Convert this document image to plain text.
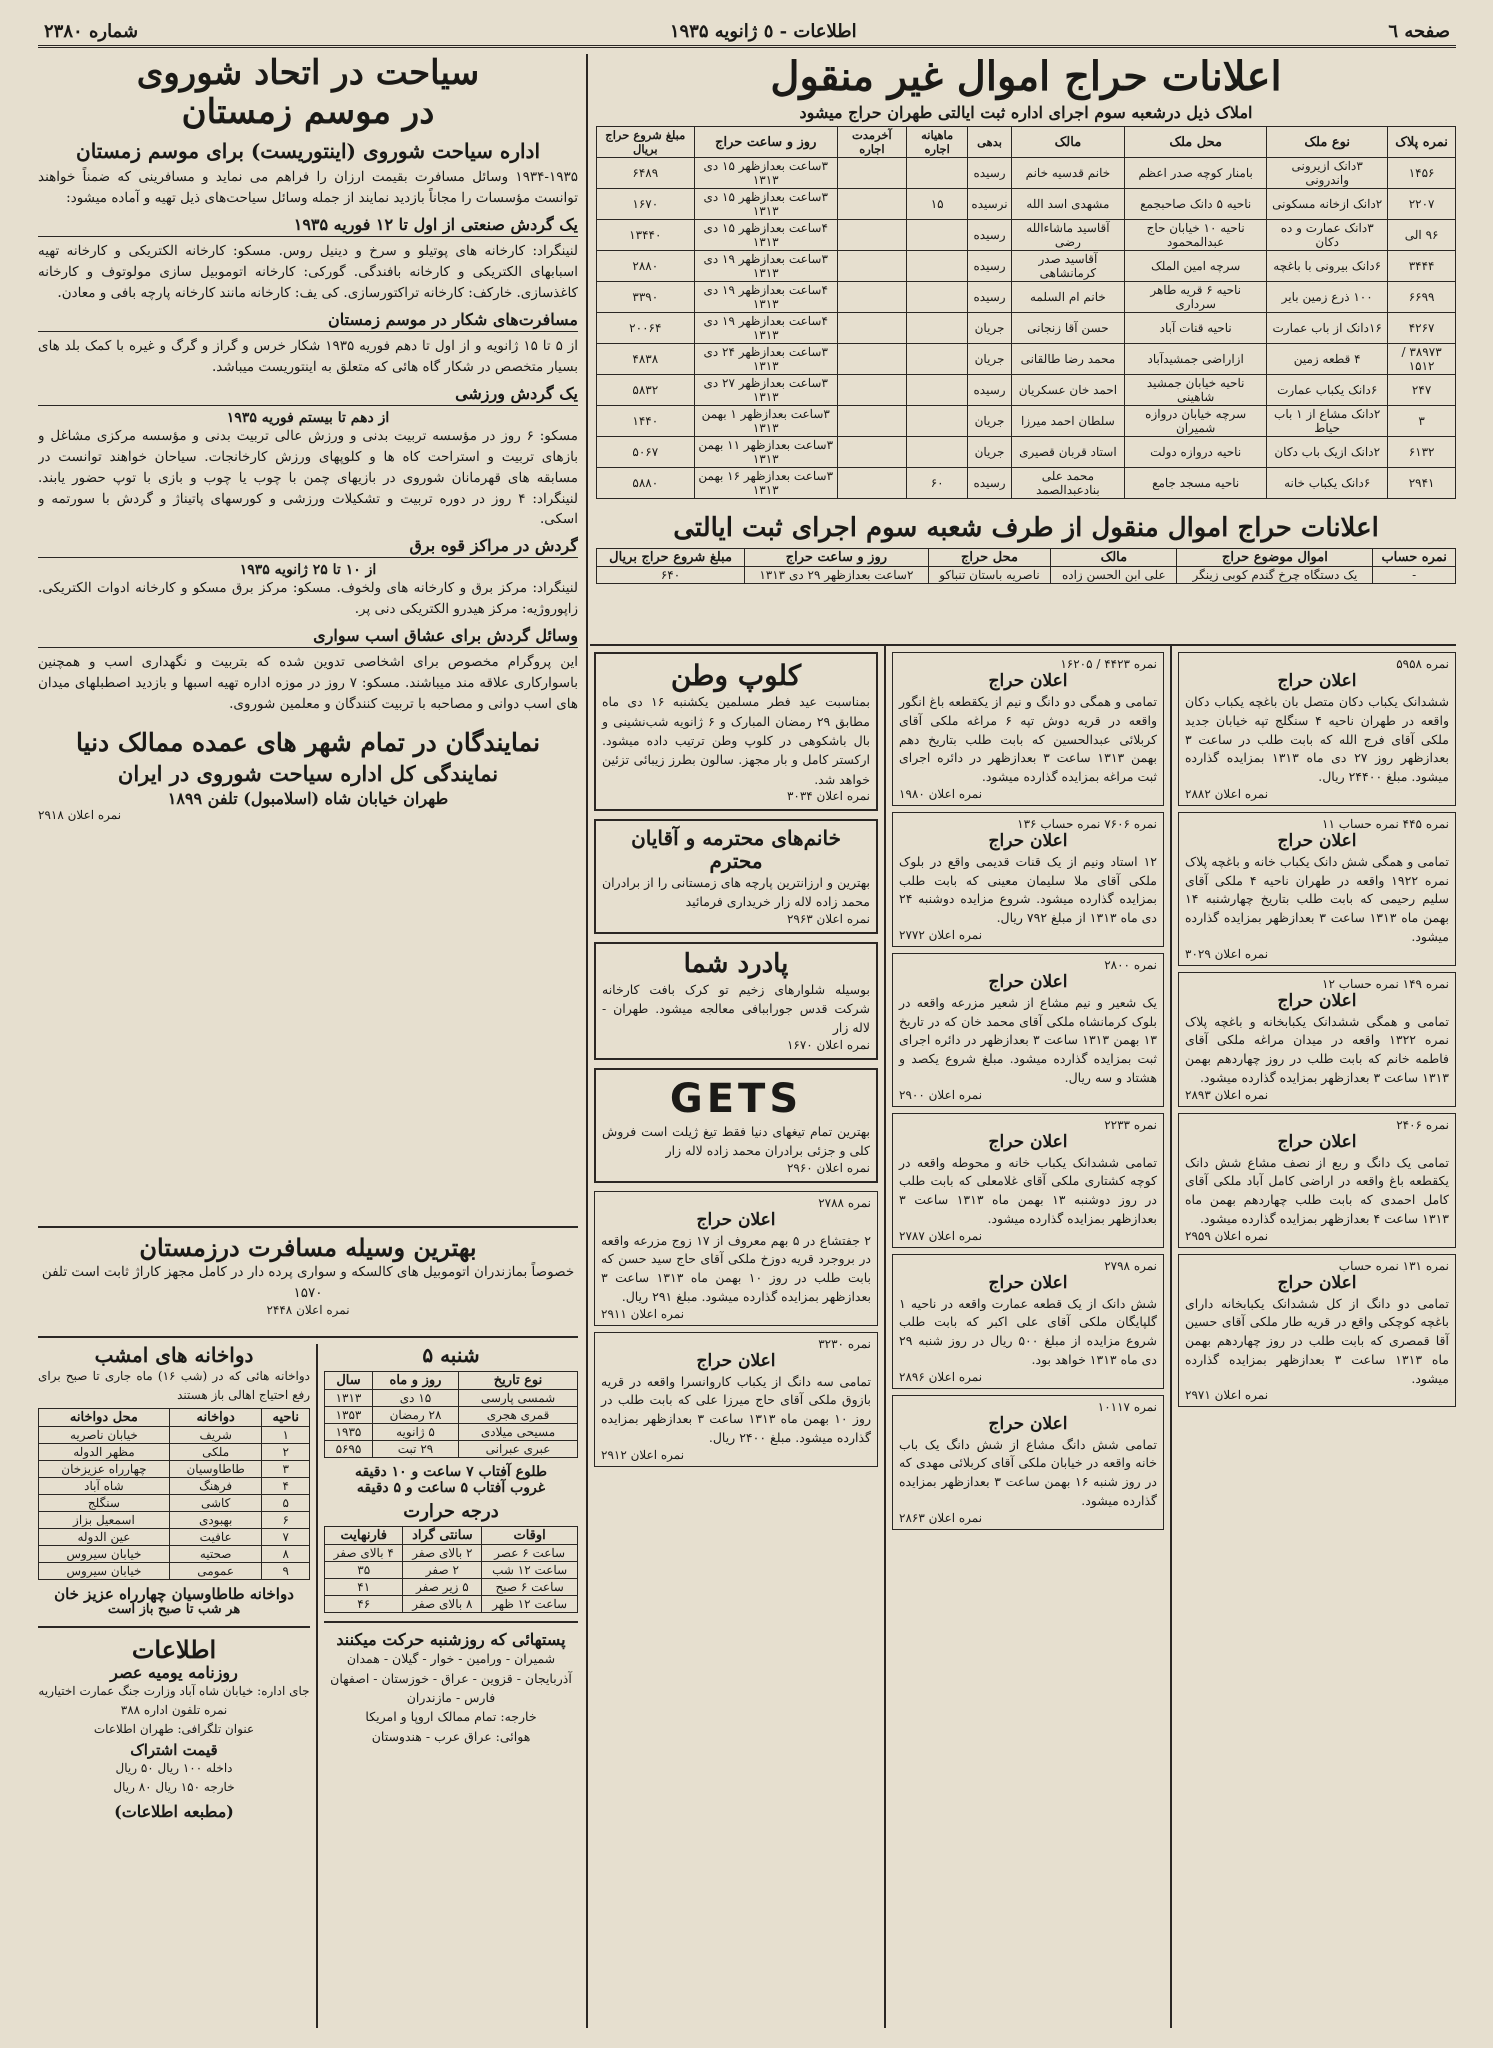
صفحه ٦
اطلاعات - ٥ ژانویه ۱۹۳۵
شماره ۲۳۸۰
اعلانات حراج اموال غیر منقول
املاک ذیل درشعبه سوم اجرای اداره ثبت ایالتی طهران حراج میشود
نمره پلاک	نوع ملک	محل ملک	مالک	بدهی	ماهیانه اجاره	آخرمدت اجاره	روز و ساعت حراج	مبلغ شروع حراج بریال
۱۴۵۶	۳دانک ازیرونی واندرونی	بامنار کوچه صدر اعظم	خانم قدسیه خانم	رسیده			۳ساعت بعدازظهر ۱۵ دی ۱۳۱۳	۶۴۸۹
۲۲۰۷	۲دانک ازخانه مسکونی	ناحیه ۵ دانک صاحبجمع	مشهدی اسد الله	نرسیده	۱۵		۳ساعت بعدازظهر ۱۵ دی ۱۳۱۳	۱۶۷۰
۹۶ الی	۳دانک عمارت و ده دکان	ناحیه ۱۰ خیابان حاج عبدالمحمود	آقاسید ماشاءالله رضی	رسیده			۴ساعت بعدازظهر ۱۵ دی ۱۳۱۳	۱۳۴۴۰
۳۴۴۴	۶دانک بیرونی با باغچه	سرچه امین الملک	آقاسید صدر کرمانشاهی	رسیده			۳ساعت بعدازظهر ۱۹ دی ۱۳۱۳	۲۸۸۰
۶۶۹۹	۱۰۰ ذرع زمین بایر	ناحیه ۶ قریه طاهر سرداری	خانم ام السلمه	رسیده			۴ساعت بعدازظهر ۱۹ دی ۱۳۱۳	۳۳۹۰
۴۲۶۷	۱۶دانک از باب عمارت	ناحیه قنات آباد	حسن آقا زنجانی	جریان			۴ساعت بعدازظهر ۱۹ دی ۱۳۱۳	۲۰۰۶۴
۳۸۹۷۳ / ۱۵۱۲	۴ قطعه زمین	ازاراضی جمشیدآباد	محمد رضا طالقانی	جریان			۳ساعت بعدازظهر ۲۴ دی ۱۳۱۳	۴۸۳۸
۲۴۷	۶دانک یکباب عمارت	ناحیه خیابان جمشید شاهینی	احمد خان عسکریان	رسیده			۳ساعت بعدازظهر ۲۷ دی ۱۳۱۳	۵۸۳۲
۳	۲دانک مشاع از ۱ باب حیاط	سرچه خیابان دروازه شمیران	سلطان احمد میرزا	جریان			۳ساعت بعدازظهر ۱ بهمن ۱۳۱۳	۱۴۴۰
۶۱۳۲	۲دانک ازیک باب دکان	ناحیه دروازه دولت	استاد قربان قصیری	جریان			۳ساعت بعدازظهر ۱۱ بهمن ۱۳۱۳	۵۰۶۷
۲۹۴۱	۶دانک یکباب خانه	ناحیه مسجد جامع	محمد علی بنادعبدالصمد	رسیده	۶۰		۳ساعت بعدازظهر ۱۶ بهمن ۱۳۱۳	۵۸۸۰
اعلانات حراج اموال منقول از طرف شعبه سوم اجرای ثبت ایالتی
نمره حساب	اموال موضوع حراج	مالک	محل حراج	روز و ساعت حراج	مبلغ شروع حراج بریال
-	یک دستگاه چرخ گندم کوبی زینگر	علی ابن الحسن زاده	ناصریه باستان تنباکو	۲ساعت بعدازظهر ۲۹ دی ۱۳۱۳	۶۴۰
سیاحت در اتحاد شوروی
در موسم زمستان
اداره سیاحت شوروی (اینتوریست) برای موسم زمستان

۱۹۳۴-۱۹۳۵ وسائل مسافرت بقیمت ارزان را فراهم می نماید و مسافرینی که ضمناً خواهند توانست مؤسسات را مجاناً بازدید نمایند از جمله وسائل سیاحت‌های ذیل تهیه و آماده میشود:

یک گردش صنعتی از اول تا ۱۲ فوریه ۱۹۳۵

لنینگراد: کارخانه های پوتیلو و سرخ و دینیل روس. مسکو: کارخانه الکتریکی و کارخانه تهیه اسبابهای الکتریکی و کارخانه بافندگی. گورکی: کارخانه اتوموبیل سازی مولوتوف و کارخانه کاغذسازی. خارکف: کارخانه تراکتورسازی. کی یف: کارخانه مانند کارخانه پارچه بافی و معادن.

مسافرت‌های شکار در موسم زمستان

از ۵ تا ۱۵ ژانویه و از اول تا دهم فوریه ۱۹۳۵ شکار خرس و گراز و گرگ و غیره با کمک بلد های بسیار متخصص در شکار گاه هائی که متعلق به اینتوریست میباشد.

یک گردش ورزشی
از دهم تا بیستم فوریه ۱۹۳۵

مسکو: ۶ روز در مؤسسه تربیت بدنی و ورزش عالی تربیت بدنی و مؤسسه مرکزی مشاغل و بازهای تربیت و استراحت کاه ها و کلوپهای ورزش کارخانجات. سیاحان خواهند توانست در مسابقه های قهرمانان شوروی در بازیهای چمن با چوب یا چوب و بازی با توپ حضور یابند. لنینگراد: ۴ روز در دوره تربیت و تشکیلات ورزشی و کورسهای پاتیناژ و گردش با سورتمه و اسکی.

گردش در مراکز قوه برق
از ۱۰ تا ۲۵ ژانویه ۱۹۳۵

لنینگراد: مرکز برق و کارخانه های ولخوف. مسکو: مرکز برق مسکو و کارخانه ادوات الکتریکی. زاپوروژیه: مرکز هیدرو الکتریکی دنی پر.

وسائل گردش برای عشاق اسب سواری

این پروگرام مخصوص برای اشخاصی تدوین شده که بتربیت و نگهداری اسب و همچنین باسوارکاری علاقه مند میباشند. مسکو: ۷ روز در موزه اداره تهیه اسبها و بازدید اصطبلهای میدان های اسب دوانی و مصاحبه با تربیت کنندگان و معلمین شوروی.

نمایندگان در تمام شهر های عمده ممالک دنیا
نمایندگی کل اداره سیاحت شوروی در ایران
طهران خیابان شاه (اسلامبول) تلفن ۱۸۹۹
نمره اعلان ۲۹۱۸
بهترین وسیله مسافرت درزمستان

خصوصاً بمازندران اتوموبیل های کالسکه و سواری پرده دار در کامل مجهز کاراژ ثابت است تلفن ۱۵۷۰

نمره اعلان ۲۴۴۸
دواخانه های امشب

دواخانه هائی که در (شب ۱۶) ماه جاری تا صبح برای رفع احتیاج اهالی باز هستند

ناحیه	دواخانه	محل دواخانه
۱	شریف	خیابان ناصریه
۲	ملکی	مظهر الدوله
۳	طاطاوسیان	چهارراه عزیزخان
۴	فرهنگ	شاه آباد
۵	کاشی	سنگلج
۶	بهبودی	اسمعیل بزاز
۷	عافیت	عین الدوله
۸	صحتیه	خیابان سیروس
۹	عمومی	خیابان سیروس
دواخانه طاطاوسیان چهارراه عزیز خان
هر شب تا صبح باز است
اطلاعات
روزنامه یومیه عصر

جای اداره: خیابان شاه آباد وزارت جنگ عمارت اختیاریه

نمره تلفون اداره ۳۸۸

عنوان تلگرافی: طهران اطلاعات

قیمت اشتراک

داخله ۱۰۰ ریال ۵۰ ریال

خارجه ۱۵۰ ریال ۸۰ ریال

(مطبعه اطلاعات)
شنبه ۵
نوع تاریخ	روز و ماه	سال
شمسی پارسی	۱۵ دی	۱۳۱۳
قمری هجری	۲۸ رمضان	۱۳۵۳
مسیحی میلادی	۵ ژانویه	۱۹۳۵
عبری عبرانی	۲۹ تبت	۵۶۹۵
طلوع آفتاب ۷ ساعت و ۱۰ دقیقه
غروب آفتاب ۵ ساعت و ۵ دقیقه
درجه حرارت
اوقات	سانتی گراد	فارنهایت
ساعت ۶ عصر	۲ بالای صفر	۴ بالای صفر
ساعت ۱۲ شب	۲ صفر	۳۵
ساعت ۶ صبح	۵ زیر صفر	۴۱
ساعت ۱۲ ظهر	۸ بالای صفر	۴۶
پستهائی که روزشنبه حرکت میکنند

شمیران - ورامین - خوار - گیلان - همدان

آذربایجان - قزوین - عراق - خوزستان - اصفهان

فارس - مازندران

خارجه: تمام ممالک اروپا و امریکا

هوائی: عراق عرب - هندوستان

کلوپ وطن

بمناسبت عید فطر مسلمین یکشنبه ۱۶ دی ماه مطابق ۲۹ رمضان المبارک و ۶ ژانویه شب‌نشینی و بال باشکوهی در کلوپ وطن ترتیب داده میشود. ارکستر کامل و بار مجهز. سالون بطرز زیبائی تزئین خواهد شد.

نمره اعلان ۳۰۳۴
خانم‌های محترمه و آقایان محترم

بهترین و ارزانترین پارچه های زمستانی را از برادران محمد زاده لاله زار خریداری فرمائید

نمره اعلان ۲۹۶۳
پادرد شما

بوسیله شلوارهای زخیم تو کرک بافت کارخانه شرکت قدس جوراببافی معالجه میشود. طهران - لاله زار

نمره اعلان ۱۶۷۰
GETS

بهترین تمام تیغهای دنیا فقط تیغ ژیلت است فروش کلی و جزئی برادران محمد زاده لاله زار

نمره اعلان ۲۹۶۰
نمره ۲۷۸۸
اعلان حراج

۲ جفتشاع در ۵ بهم معروف از ۱۷ زوج مزرعه واقعه در بروجرد قریه دوزخ ملکی آقای حاج سید حسن که بابت طلب در روز ۱۰ بهمن ماه ۱۳۱۳ ساعت ۳ بعدازظهر بمزایده گذارده میشود. مبلغ ۲۹۱ ریال.

نمره اعلان ۲۹۱۱
نمره ۳۲۳۰
اعلان حراج

تمامی سه دانگ از یکباب کاروانسرا واقعه در قریه بازوق ملکی آقای حاج میرزا علی که بابت طلب در روز ۱۰ بهمن ماه ۱۳۱۳ ساعت ۳ بعدازظهر بمزایده گذارده میشود. مبلغ ۲۴۰۰ ریال.

نمره اعلان ۲۹۱۲
نمره ۴۴۲۳ / ۱۶۲۰۵
اعلان حراج

تمامی و همگی دو دانگ و نیم از یکقطعه باغ انگور واقعه در قریه دوش تپه ۶ مراغه ملکی آقای کربلائی عبدالحسین که بابت طلب بتاریخ دهم بهمن ۱۳۱۳ ساعت ۳ بعدازظهر در دائره اجرای ثبت مراغه بمزایده گذارده میشود.

نمره اعلان ۱۹۸۰
نمره ۷۶۰۶ نمره حساب ۱۳۶
اعلان حراج

۱۲ استاد ونیم از یک قنات قدیمی واقع در بلوک ملکی آقای ملا سلیمان معینی که بابت طلب بمزایده گذارده میشود. شروع مزایده دوشنبه ۲۴ دی ماه ۱۳۱۳ از مبلغ ۷۹۲ ریال.

نمره اعلان ۲۷۷۲
نمره ۲۸۰۰
اعلان حراج

یک شعیر و نیم مشاع از شعیر مزرعه واقعه در بلوک کرمانشاه ملکی آقای محمد خان که در تاریخ ۱۳ بهمن ۱۳۱۳ ساعت ۳ بعدازظهر در دائره اجرای ثبت بمزایده گذارده میشود. مبلغ شروع یکصد و هشتاد و سه ریال.

نمره اعلان ۲۹۰۰
نمره ۲۲۳۳
اعلان حراج

تمامی ششدانک یکباب خانه و محوطه واقعه در کوچه کشتاری ملکی آقای غلامعلی که بابت طلب در روز دوشنبه ۱۳ بهمن ماه ۱۳۱۳ ساعت ۳ بعدازظهر بمزایده گذارده میشود.

نمره اعلان ۲۷۸۷
نمره ۲۷۹۸
اعلان حراج

شش دانک از یک قطعه عمارت واقعه در ناحیه ۱ گلپایگان ملکی آقای علی اکبر که بابت طلب شروع مزایده از مبلغ ۵۰۰ ریال در روز شنبه ۲۹ دی ماه ۱۳۱۳ خواهد بود.

نمره اعلان ۲۸۹۶
نمره ۱۰۱۱۷
اعلان حراج

تمامی شش دانگ مشاع از شش دانگ یک باب خانه واقعه در خیابان ملکی آقای کربلائی مهدی که در روز شنبه ۱۶ بهمن ساعت ۳ بعدازظهر بمزایده گذارده میشود.

نمره اعلان ۲۸۶۳
نمره ۵۹۵۸
اعلان حراج

ششدانک یکباب دکان متصل بان باغچه یکباب دکان واقعه در طهران ناحیه ۴ سنگلج تپه خیابان جدید ملکی آقای فرج الله که بابت طلب در ساعت ۳ بعدازظهر روز ۲۷ دی ماه ۱۳۱۳ بمزایده گذارده میشود. مبلغ ۲۴۴۰۰ ریال.

نمره اعلان ۲۸۸۲
نمره ۴۴۵ نمره حساب ۱۱
اعلان حراج

تمامی و همگی شش دانک یکباب خانه و باغچه پلاک نمره ۱۹۲۲ واقعه در طهران ناحیه ۴ ملکی آقای سلیم رحیمی که بابت طلب بتاریخ چهارشنبه ۱۴ بهمن ماه ۱۳۱۳ ساعت ۳ بعدازظهر بمزایده گذارده میشود.

نمره اعلان ۳۰۲۹
نمره ۱۴۹ نمره حساب ۱۲
اعلان حراج

تمامی و همگی ششدانک یکبابخانه و باغچه پلاک نمره ۱۳۲۲ واقعه در میدان مراغه ملکی آقای فاطمه خانم که بابت طلب در روز چهاردهم بهمن ۱۳۱۳ ساعت ۳ بعدازظهر بمزایده گذارده میشود.

نمره اعلان ۲۸۹۳
نمره ۲۴۰۶
اعلان حراج

تمامی یک دانگ و ربع از نصف مشاع شش دانک یکقطعه باغ واقعه در اراضی کامل آباد ملکی آقای کامل احمدی که بابت طلب چهاردهم بهمن ماه ۱۳۱۳ ساعت ۴ بعدازظهر بمزایده گذارده میشود.

نمره اعلان ۲۹۵۹
نمره ۱۳۱ نمره حساب
اعلان حراج

تمامی دو دانگ از کل ششدانک یکبابخانه دارای باغچه کوچکی واقع در قریه طار ملکی آقای حسین آقا قمصری که بابت طلب در روز چهاردهم بهمن ماه ۱۳۱۳ ساعت ۳ بعدازظهر بمزایده گذارده میشود.

نمره اعلان ۲۹۷۱
